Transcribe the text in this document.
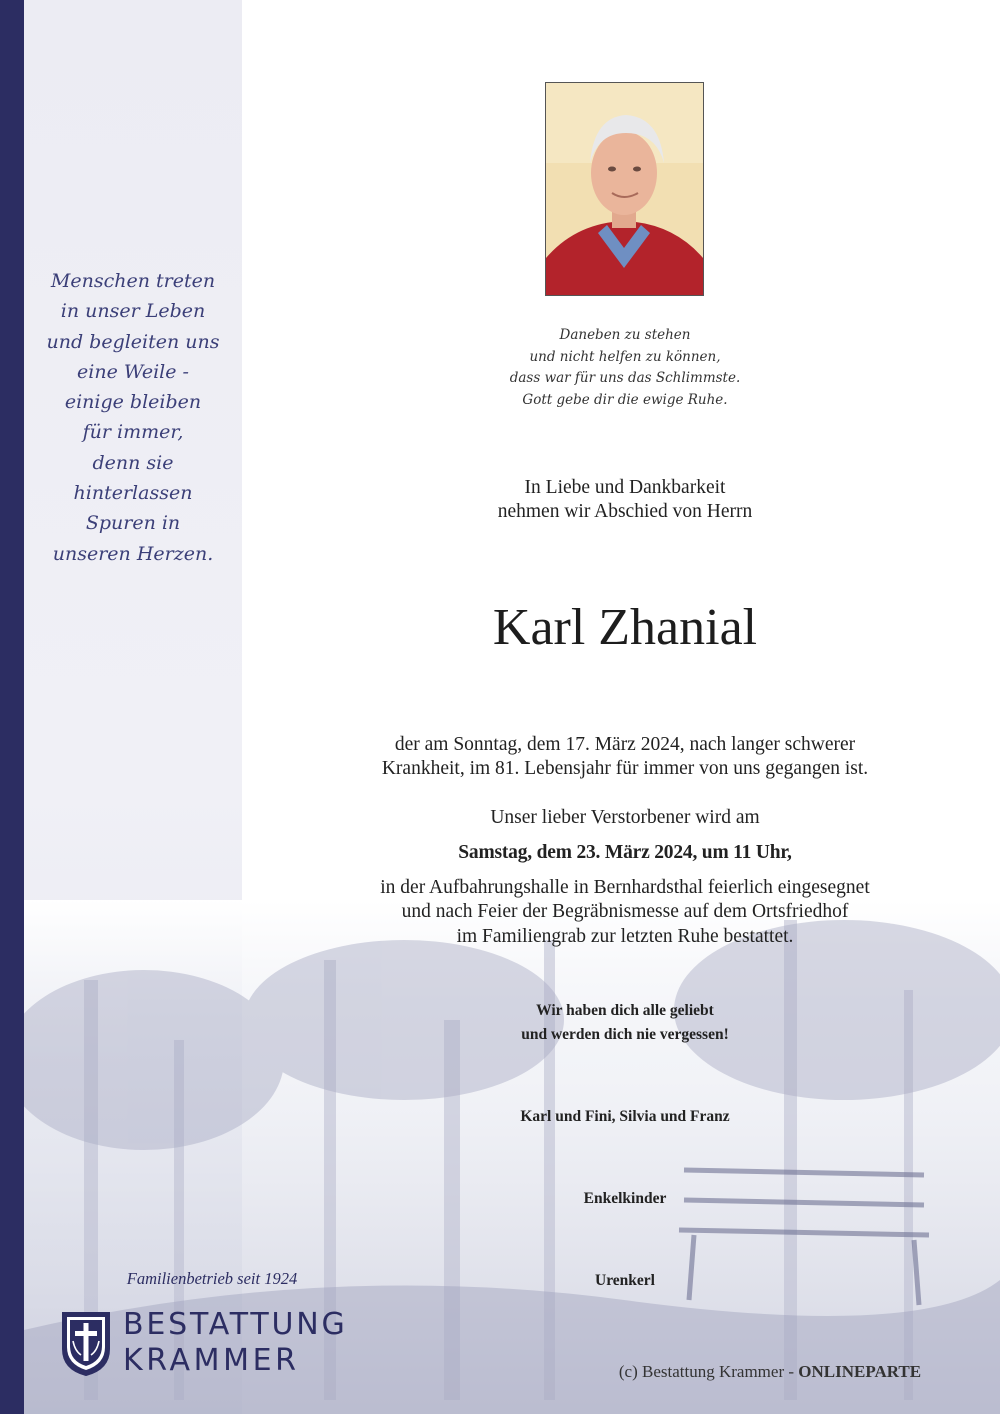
Menschen treten
in unser Leben
und begleiten uns
eine Weile -
einige bleiben
für immer,
denn sie
hinterlassen
Spuren in
unseren Herzen.
Daneben zu stehen
und nicht helfen zu können,
dass war für uns das Schlimmste.
Gott gebe dir die ewige Ruhe.
In Liebe und Dankbarkeit
nehmen wir Abschied von Herrn
Karl Zhanial
der am Sonntag, dem 17. März 2024, nach langer schwerer
Krankheit, im 81. Lebensjahr für immer von uns gegangen ist.
Unser lieber Verstorbener wird am
Samstag, dem 23. März 2024, um 11 Uhr,
in der Aufbahrungshalle in Bernhardsthal feierlich eingesegnet
und nach Feier der Begräbnismesse auf dem Ortsfriedhof
im Familiengrab zur letzten Ruhe bestattet.
Wir haben dich alle geliebt
und werden dich nie vergessen!
Karl und Fini, Silvia und Franz
Enkelkinder
Urenkerl
Familienbetrieb seit 1924
BESTATTUNG
KRAMMER	(c) Bestattung Krammer - ONLINEPARTE
